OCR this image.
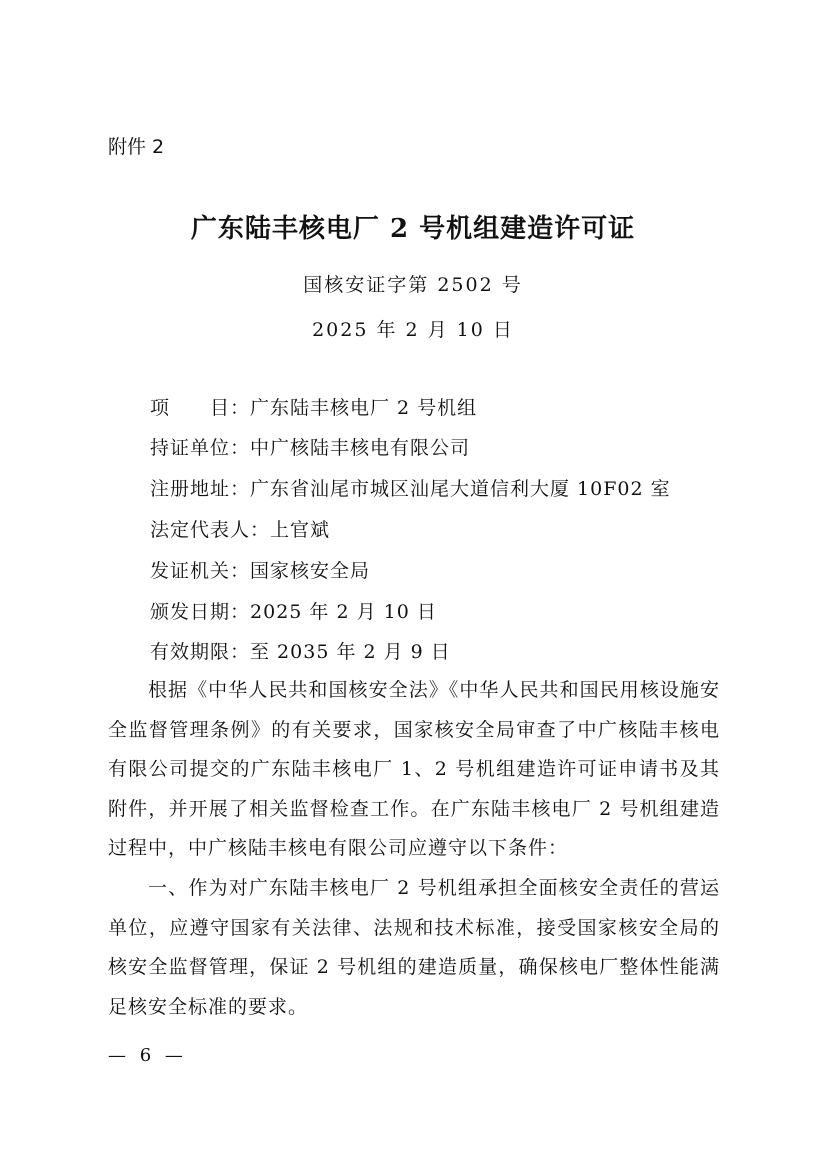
附件 2
广东陆丰核电厂 2 号机组建造许可证
国核安证字第 2502 号
2025 年 2 月 10 日
项　　目：广东陆丰核电厂 2 号机组
持证单位：中广核陆丰核电有限公司
注册地址：广东省汕尾市城区汕尾大道信利大厦 10F02 室
法定代表人：上官斌
发证机关：国家核安全局
颁发日期：2025 年 2 月 10 日
有效期限：至 2035 年 2 月 9 日
根据《中华人民共和国核安全法》《中华人民共和国民用核设施安全监督管理条例》的有关要求，国家核安全局审查了中广核陆丰核电有限公司提交的广东陆丰核电厂 1、2 号机组建造许可证申请书及其附件，并开展了相关监督检查工作。在广东陆丰核电厂 2 号机组建造过程中，中广核陆丰核电有限公司应遵守以下条件：
一、作为对广东陆丰核电厂 2 号机组承担全面核安全责任的营运单位，应遵守国家有关法律、法规和技术标准，接受国家核安全局的核安全监督管理，保证 2 号机组的建造质量，确保核电厂整体性能满足核安全标准的要求。
— 6 —
